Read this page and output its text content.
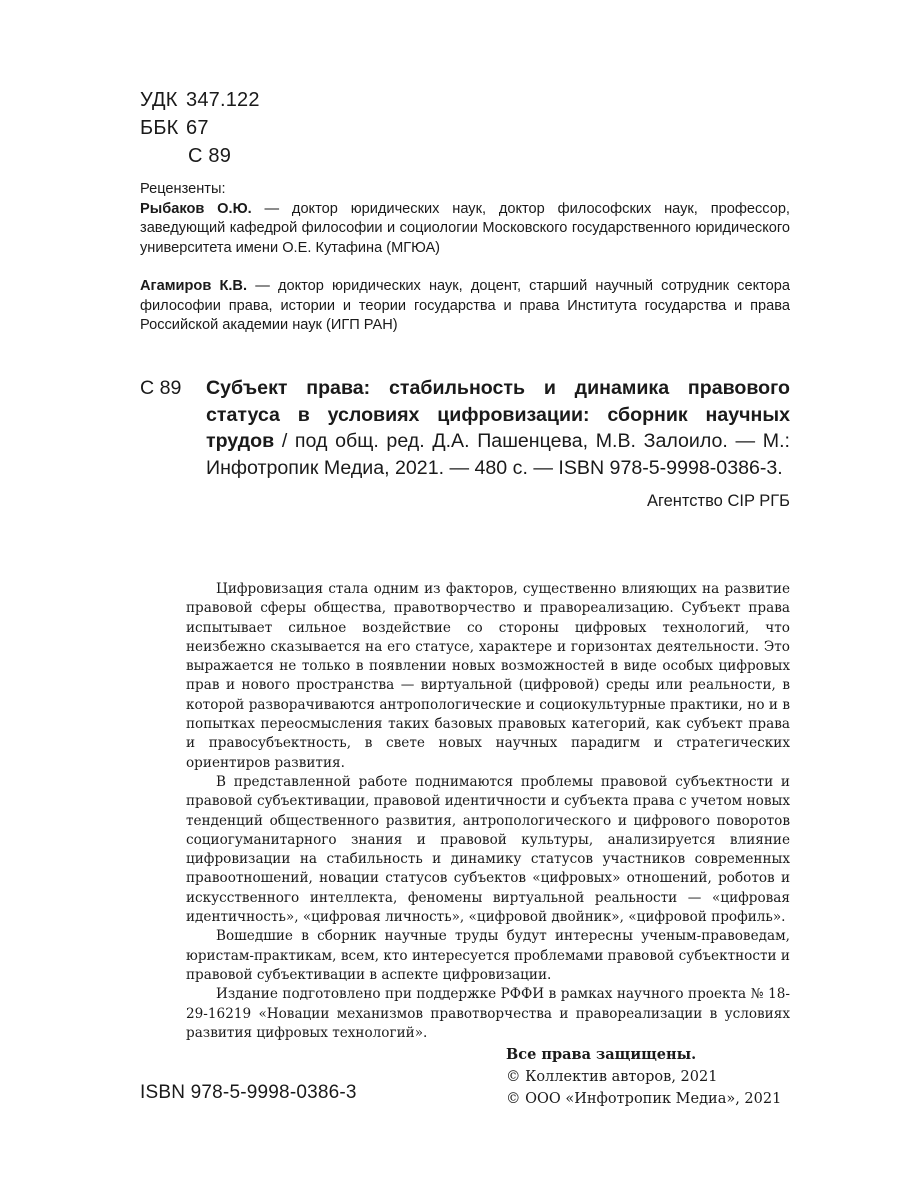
УДК 347.122
ББК 67
С 89

Рецензенты:

Рыбаков О.Ю. — доктор юридических наук, доктор философских наук, профессор, заведующий кафедрой философии и социологии Московского государственного юридического университета имени О.Е. Кутафина (МГЮА)

Агамиров К.В. — доктор юридических наук, доцент, старший научный сотрудник сектора философии права, истории и теории государства и права Института государства и права Российской академии наук (ИГП РАН)

С 89 Субъект права: стабильность и динамика правового статуса в условиях цифровизации: сборник научных трудов / под общ. ред. Д.А. Пашенцева, М.В. Залоило. — М.: Инфотропик Медиа, 2021. — 480 с. — ISBN 978-5-9998-0386-3.
Агентство CIP РГБ

Цифровизация стала одним из факторов, существенно влияющих на развитие правовой сферы общества, правотворчество и правореализацию. Субъект права испытывает сильное воздействие со стороны цифровых технологий, что неизбежно сказывается на его статусе, характере и горизонтах деятельности. Это выражается не только в появлении новых возможностей в виде особых цифровых прав и нового пространства — виртуальной (цифровой) среды или реальности, в которой разворачиваются антропологические и социокультурные практики, но и в попытках переосмысления таких базовых правовых категорий, как субъект права и правосубъектность, в свете новых научных парадигм и стратегических ориентиров развития.

В представленной работе поднимаются проблемы правовой субъектности и правовой субъективации, правовой идентичности и субъекта права с учетом новых тенденций общественного развития, антропологического и цифрового поворотов социогуманитарного знания и правовой культуры, анализируется влияние цифровизации на стабильность и динамику статусов участников современных правоотношений, новации статусов субъектов «цифровых» отношений, роботов и искусственного интеллекта, феномены виртуальной реальности — «цифровая идентичность», «цифровая личность», «цифровой двойник», «цифровой профиль».

Вошедшие в сборник научные труды будут интересны ученым-правоведам, юристам-практикам, всем, кто интересуется проблемами правовой субъектности и правовой субъективации в аспекте цифровизации.

Издание подготовлено при поддержке РФФИ в рамках научного проекта № 18-29-16219 «Новации механизмов правотворчества и правореализации в условиях развития цифровых технологий».

Все права защищены.
© Коллектив авторов, 2021
© ООО «Инфотропик Медиа», 2021
ISBN 978-5-9998-0386-3
